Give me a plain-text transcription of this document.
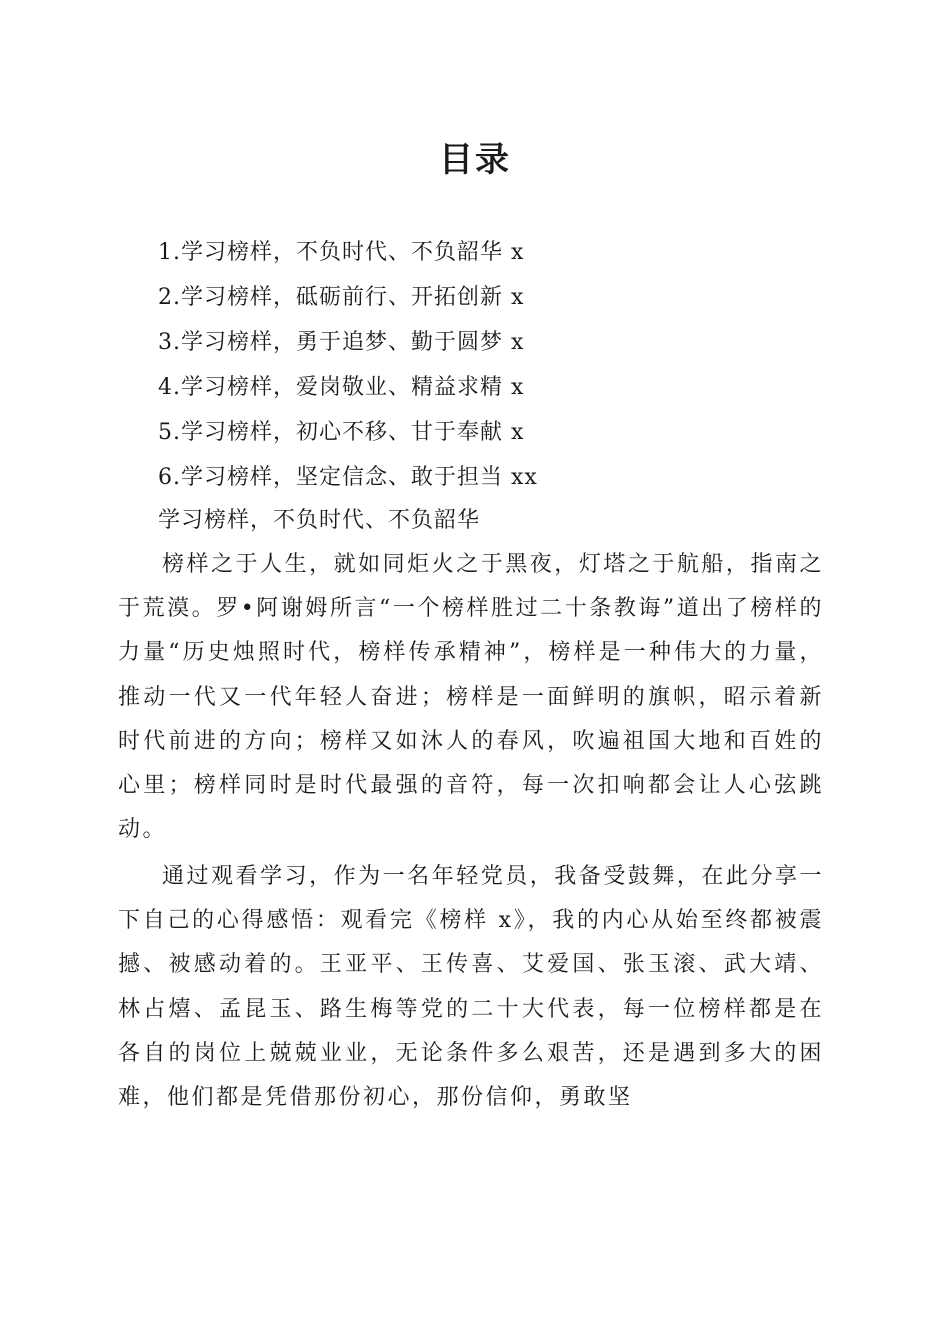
目录
1.学习榜样，不负时代、不负韶华 x
2.学习榜样，砥砺前行、开拓创新 x
3.学习榜样，勇于追梦、勤于圆梦 x
4.学习榜样，爱岗敬业、精益求精 x
5.学习榜样，初心不移、甘于奉献 x
6.学习榜样，坚定信念、敢于担当 xx
学习榜样，不负时代、不负韶华

榜样之于人生，就如同炬火之于黑夜，灯塔之于航船，指南之于荒漠。罗•阿谢姆所言“一个榜样胜过二十条教诲”道出了榜样的力量“历史烛照时代，榜样传承精神”，榜样是一种伟大的力量，推动一代又一代年轻人奋进；榜样是一面鲜明的旗帜，昭示着新时代前进的方向；榜样又如沐人的春风，吹遍祖国大地和百姓的心里；榜样同时是时代最强的音符，每一次扣响都会让人心弦跳动。

通过观看学习，作为一名年轻党员，我备受鼓舞，在此分享一下自己的心得感悟：观看完《榜样 x》，我的内心从始至终都被震撼、被感动着的。王亚平、王传喜、艾爱国、张玉滚、武大靖、林占熺、孟昆玉、路生梅等党的二十大代表，每一位榜样都是在各自的岗位上兢兢业业，无论条件多么艰苦，还是遇到多大的困难，他们都是凭借那份初心，那份信仰，勇敢坚
